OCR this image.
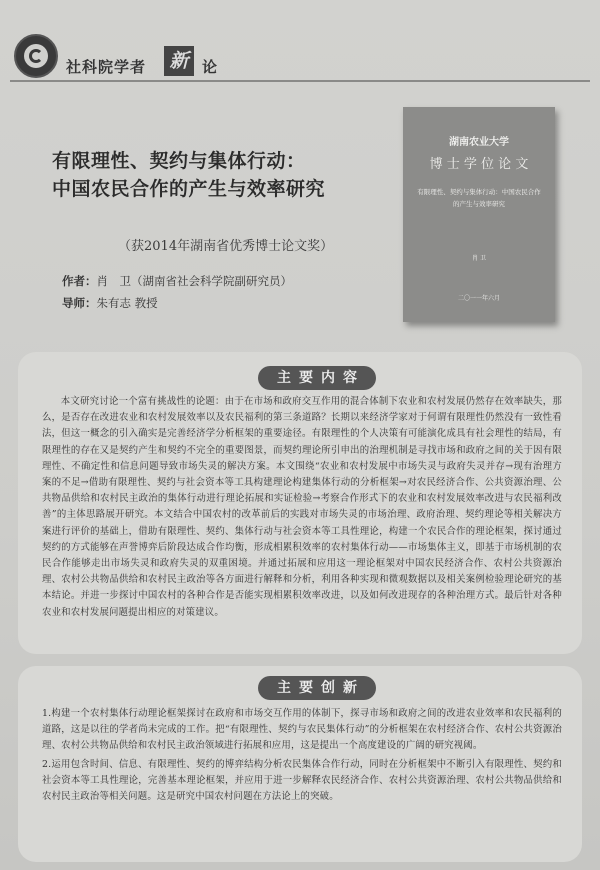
社科院学者 新 论
有限理性、契约与集体行动：
中国农民合作的产生与效率研究
（获2014年湖南省优秀博士论文奖）
作者：肖　卫（湖南省社会科学院副研究员）
导师：朱有志 教授
湖南农业大学
博 士 学 位 论 文
有限理性、契约与集体行动：中国农民合作
的产生与效率研究
肖 卫
二〇一一年六月
主要内容
本文研究讨论一个富有挑战性的论题：由于在市场和政府交互作用的混合体制下农业和农村发展仍然存在效率缺失，那么，是否存在改进农业和农村发展效率以及农民福利的第三条道路？长期以来经济学家对于何谓有限理性仍然没有一致性看法，但这一概念的引入确实是完善经济学分析框架的重要途径。有限理性的个人决策有可能演化成具有社会理性的结局，有限理性的存在又是契约产生和契约不完全的重要图景，而契约理论所引申出的治理机制是寻找市场和政府之间的关于因有限理性、不确定性和信息问题导致市场失灵的解决方案。本文围绕“农业和农村发展中市场失灵与政府失灵并存→现有治理方案的不足→借助有限理性、契约与社会资本等工具构建理论构建集体行动的分析框架→对农民经济合作、公共资源治理、公共物品供给和农村民主政治的集体行动进行理论拓展和实证检验→考察合作形式下的农业和农村发展效率改进与农民福利改善”的主体思路展开研究。本文结合中国农村的改革前后的实践对市场失灵的市场治理、政府治理、契约理论等相关解决方案进行评价的基础上，借助有限理性、契约、集体行动与社会资本等工具性理论，构建一个农民合作的理论框架，探讨通过契约的方式能够在声誉博弈后阶段达成合作均衡，形成相累积效率的农村集体行动——市场集体主义，即基于市场机制的农民合作能够走出市场失灵和政府失灵的双重困境。并通过拓展和应用这一理论框架对中国农民经济合作、农村公共资源治理、农村公共物品供给和农村民主政治等各方面进行解释和分析，利用各种实现和微观数据以及相关案例检验理论研究的基本结论。并进一步探讨中国农村的各种合作是否能实现相累积效率改进，以及如何改进现存的各种治理方式。最后针对各种农业和农村发展问题提出相应的对策建议。
主要创新

1.构建一个农村集体行动理论框架探讨在政府和市场交互作用的体制下，探寻市场和政府之间的改进农业效率和农民福利的道路，这是以往的学者尚未完成的工作。把“有限理性、契约与农民集体行动”的分析框架在农村经济合作、农村公共资源治理、农村公共物品供给和农村民主政治领域进行拓展和应用，这是提出一个高度建设的广阔的研究视阈。

2.运用包含时间、信息、有限理性、契约的博弈结构分析农民集体合作行动，同时在分析框架中不断引入有限理性、契约和社会资本等工具性理论，完善基本理论框架，并应用于进一步解释农民经济合作、农村公共资源治理、农村公共物品供给和农村民主政治等相关问题。这是研究中国农村问题在方法论上的突破。
